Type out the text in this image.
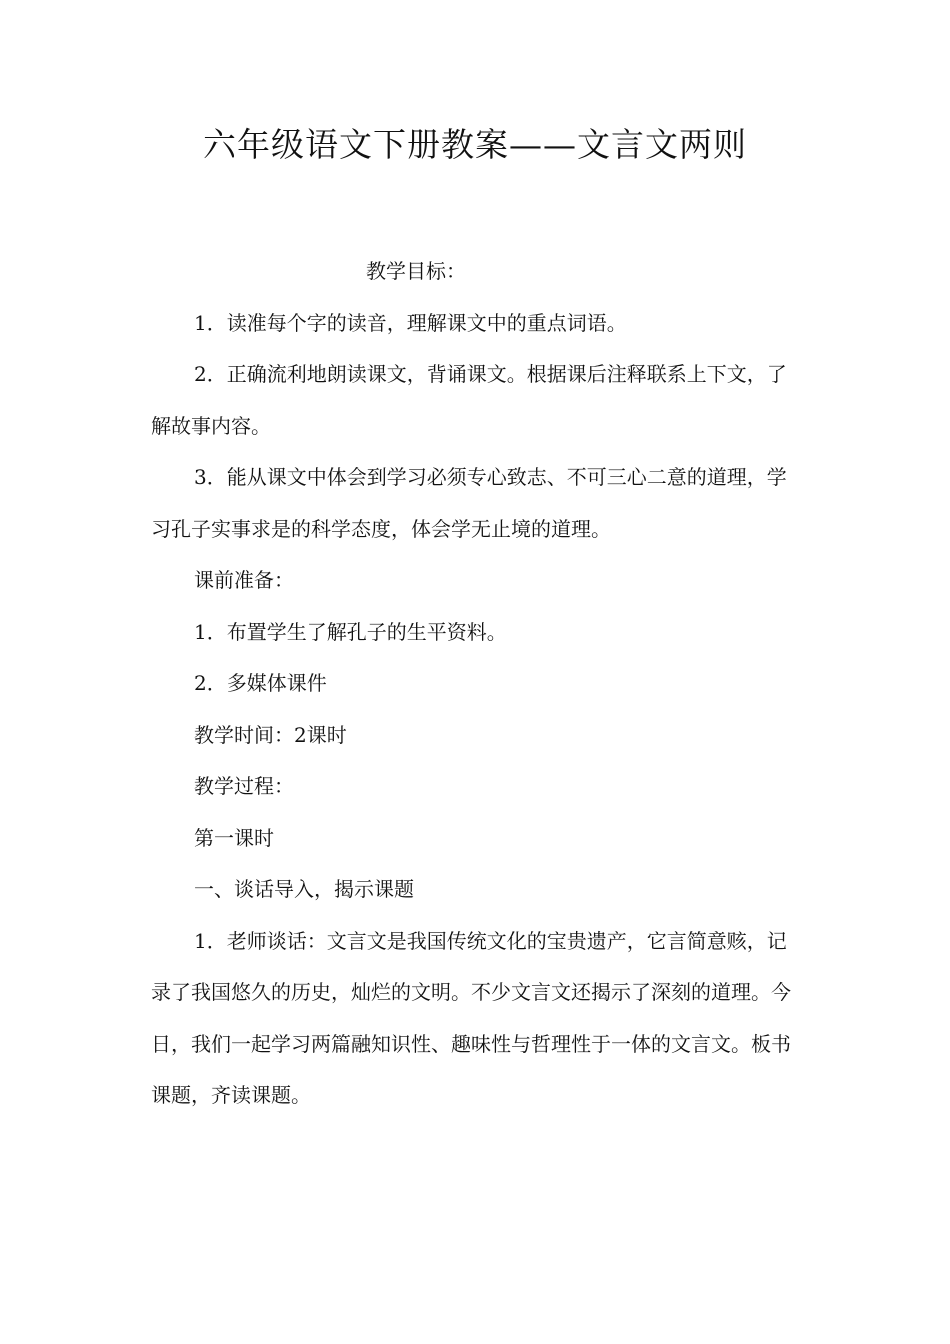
六年级语文下册教案——文言文两则

教学目标：

1．读准每个字的读音，理解课文中的重点词语。

2．正确流利地朗读课文，背诵课文。根据课后注释联系上下文，了解故事内容。

3．能从课文中体会到学习必须专心致志、不可三心二意的道理，学习孔子实事求是的科学态度，体会学无止境的道理。

课前准备：

1．布置学生了解孔子的生平资料。

2．多媒体课件

教学时间：2课时

教学过程：

第一课时

一、谈话导入，揭示课题

1．老师谈话：文言文是我国传统文化的宝贵遗产，它言简意赅，记录了我国悠久的历史，灿烂的文明。不少文言文还揭示了深刻的道理。今日，我们一起学习两篇融知识性、趣味性与哲理性于一体的文言文。板书课题，齐读课题。
